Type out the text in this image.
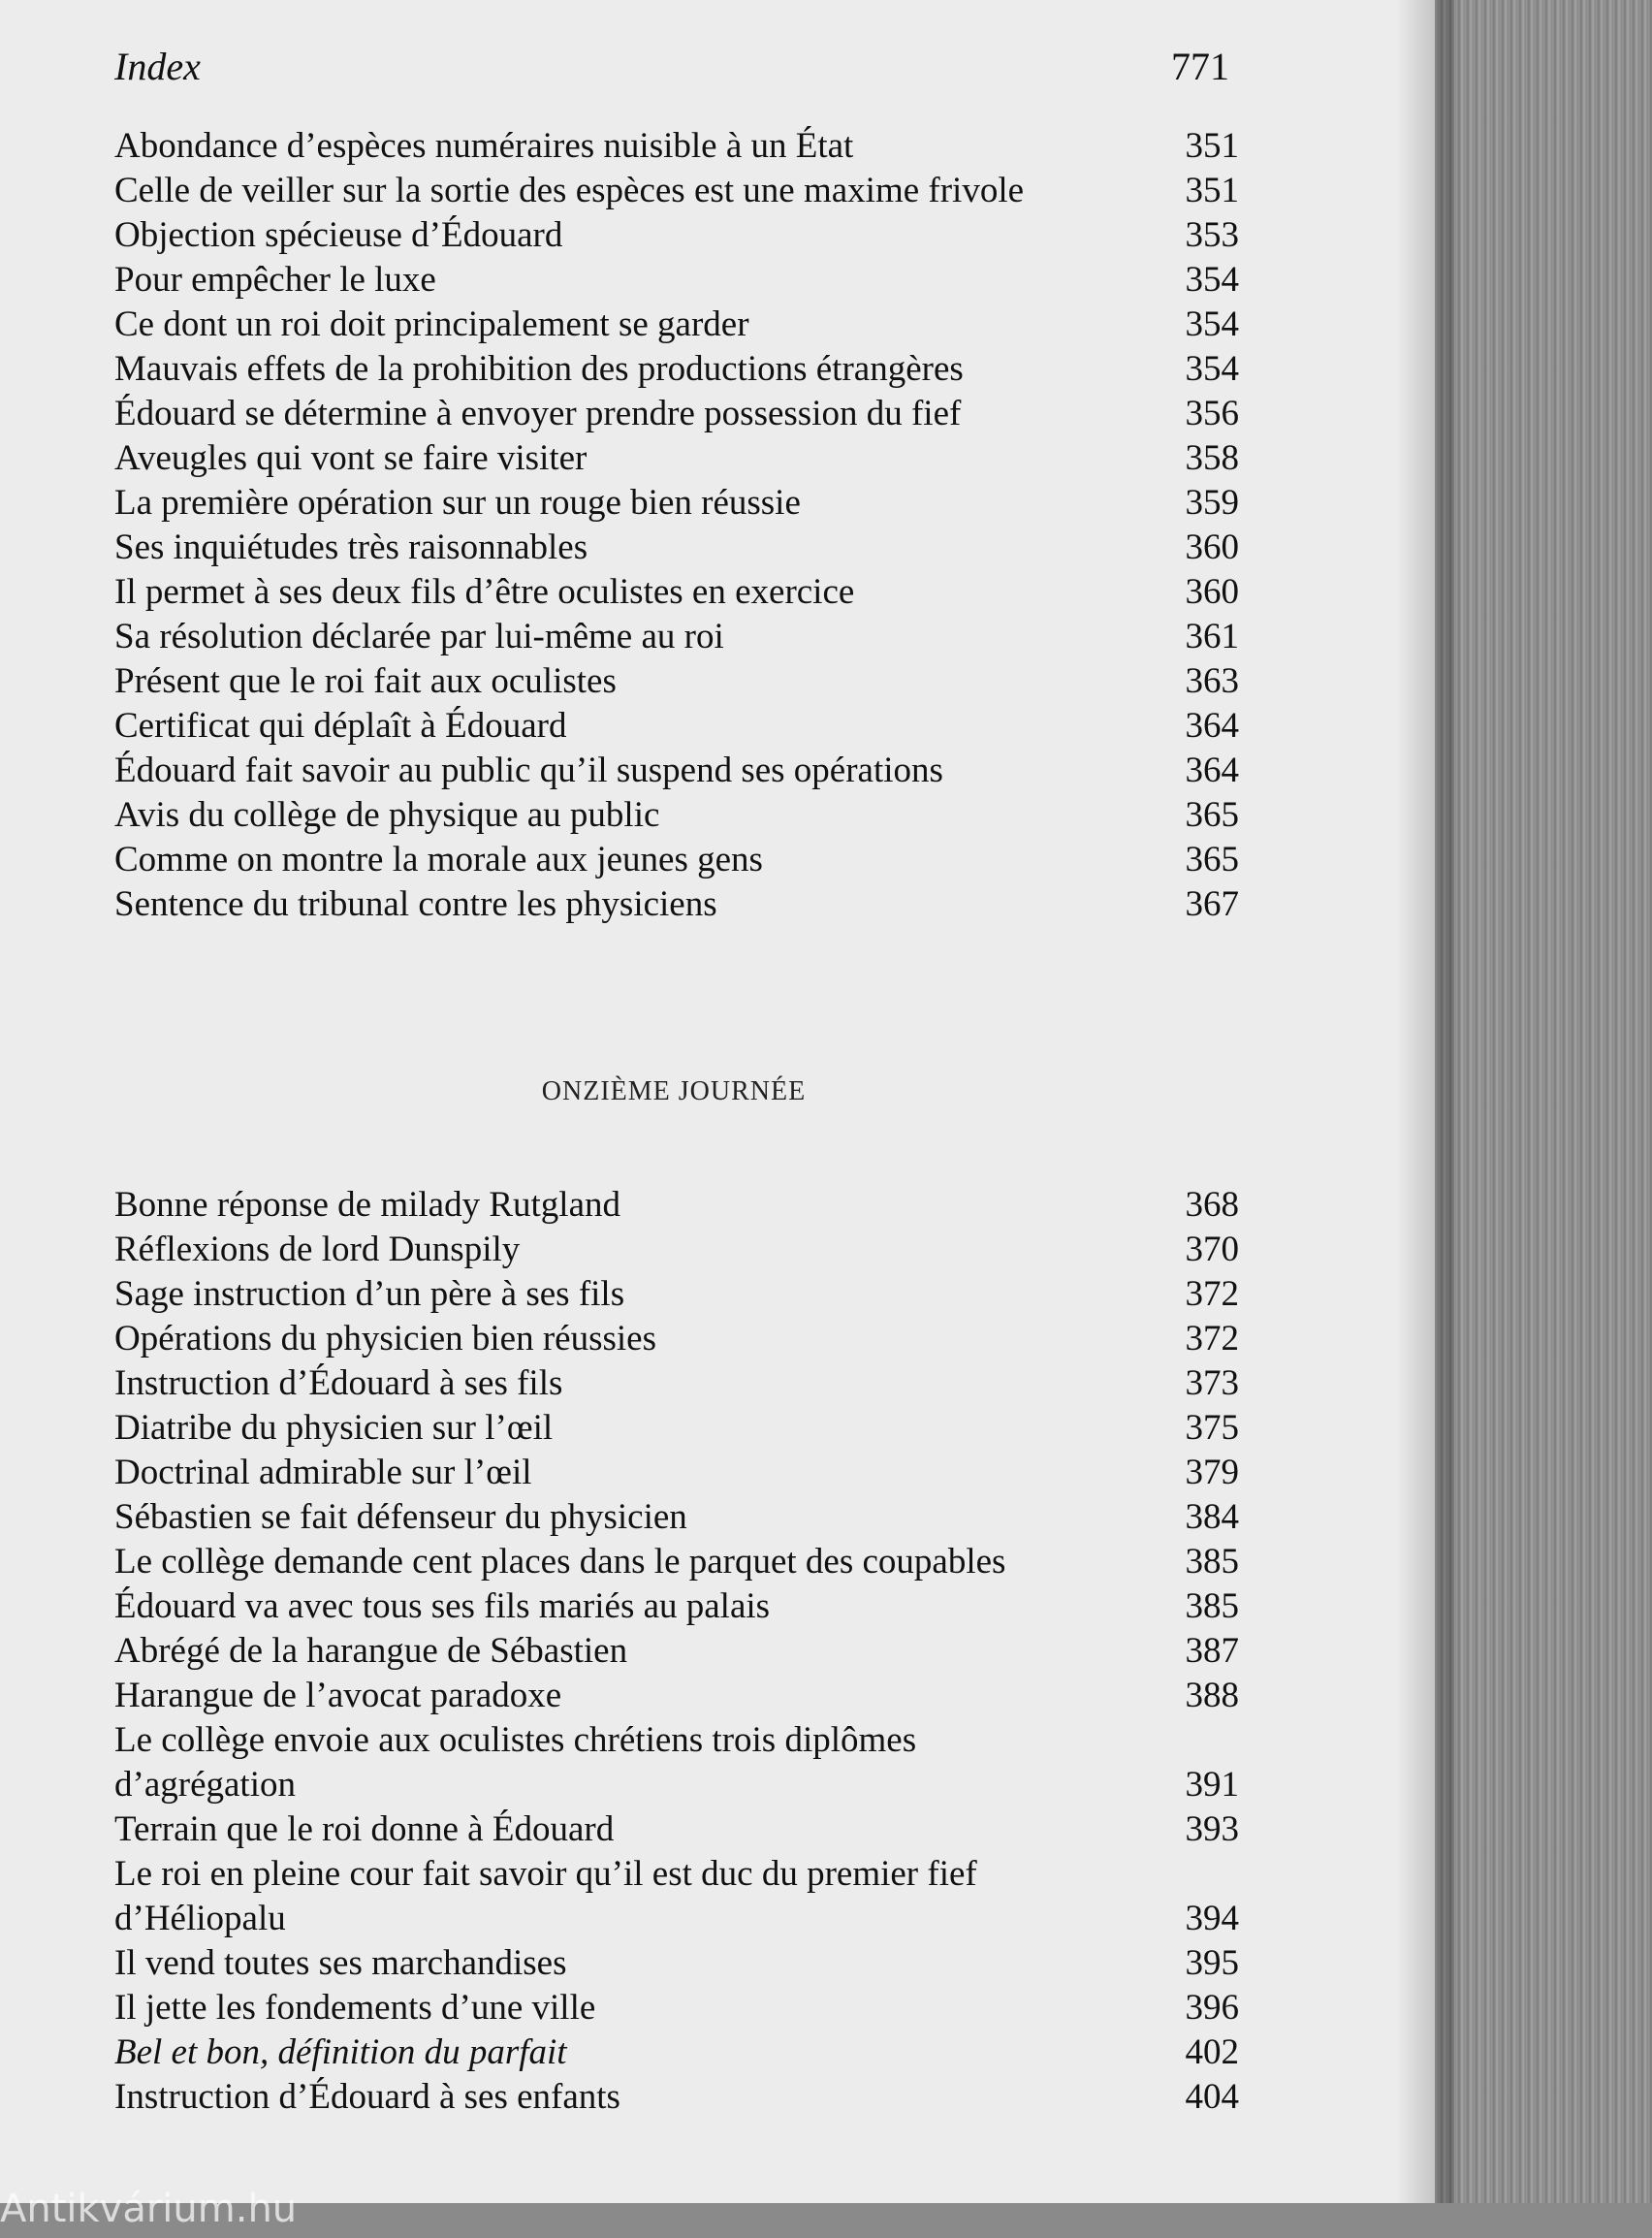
Index	771
Abondance d’espèces numéraires nuisible à un État	351
Celle de veiller sur la sortie des espèces est une maxime frivole	351
Objection spécieuse d’Édouard	353
Pour empêcher le luxe	354
Ce dont un roi doit principalement se garder	354
Mauvais effets de la prohibition des productions étrangères	354
Édouard se détermine à envoyer prendre possession du fief	356
Aveugles qui vont se faire visiter	358
La première opération sur un rouge bien réussie	359
Ses inquiétudes très raisonnables	360
Il permet à ses deux fils d’être oculistes en exercice	360
Sa résolution déclarée par lui-même au roi	361
Présent que le roi fait aux oculistes	363
Certificat qui déplaît à Édouard	364
Édouard fait savoir au public qu’il suspend ses opérations	364
Avis du collège de physique au public	365
Comme on montre la morale aux jeunes gens	365
Sentence du tribunal contre les physiciens	367
ONZIÈME JOURNÉE
Bonne réponse de milady Rutgland	368
Réflexions de lord Dunspily	370
Sage instruction d’un père à ses fils	372
Opérations du physicien bien réussies	372
Instruction d’Édouard à ses fils	373
Diatribe du physicien sur l’œil	375
Doctrinal admirable sur l’œil	379
Sébastien se fait défenseur du physicien	384
Le collège demande cent places dans le parquet des coupables	385
Édouard va avec tous ses fils mariés au palais	385
Abrégé de la harangue de Sébastien	387
Harangue de l’avocat paradoxe	388
Le collège envoie aux oculistes chrétiens trois diplômes
d’agrégation	391
Terrain que le roi donne à Édouard	393
Le roi en pleine cour fait savoir qu’il est duc du premier fief
d’Héliopalu	394
Il vend toutes ses marchandises	395
Il jette les fondements d’une ville	396
Bel et bon, définition du parfait	402
Instruction d’Édouard à ses enfants	404
Antikvárium.hu
